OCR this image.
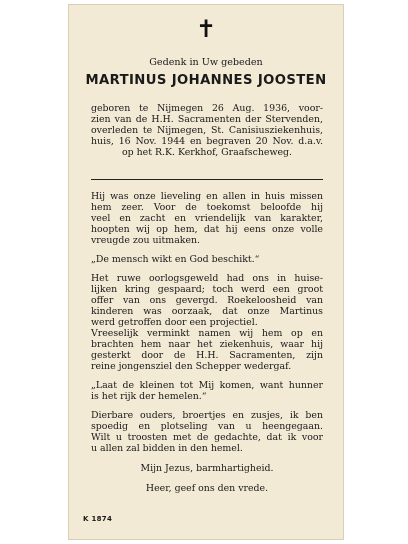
✝
Gedenk in Uw gebeden
MARTINUS JOHANNES JOOSTEN
geboren te Nijmegen 26 Aug. 1936, voor-
zien van de H.H. Sacramenten der Stervenden,
overleden te Nijmegen, St. Canisiusziekenhuis,
huis, 16 Nov. 1944 en begraven 20 Nov. d.a.v.
op het R.K. Kerkhof, Graafscheweg.
Hij was onze lieveling en allen in huis missen
hem zeer. Voor de toekomst beloofde hij
veel en zacht en vriendelijk van karakter,
hoopten wij op hem, dat hij eens onze volle
vreugde zou uitmaken.
„De mensch wikt en God beschikt.“
Het ruwe oorlogsgeweld had ons in huise-
lijken kring gespaard; toch werd een groot
offer van ons gevergd. Roekeloosheid van
kinderen was oorzaak, dat onze Martinus
werd getroffen door een projectiel.
Vreeselijk verminkt namen wij hem op en
brachten hem naar het ziekenhuis, waar hij
gesterkt door de H.H. Sacramenten, zijn
reine jongensziel den Schepper wedergaf.
„Laat de kleinen tot Mij komen, want hunner
is het rijk der hemelen.“
Dierbare ouders, broertjes en zusjes, ik ben
spoedig en plotseling van u heengegaan.
Wilt u troosten met de gedachte, dat ik voor
u allen zal bidden in den hemel.
Mijn Jezus, barmhartigheid.
Heer, geef ons den vrede.
K 1874
